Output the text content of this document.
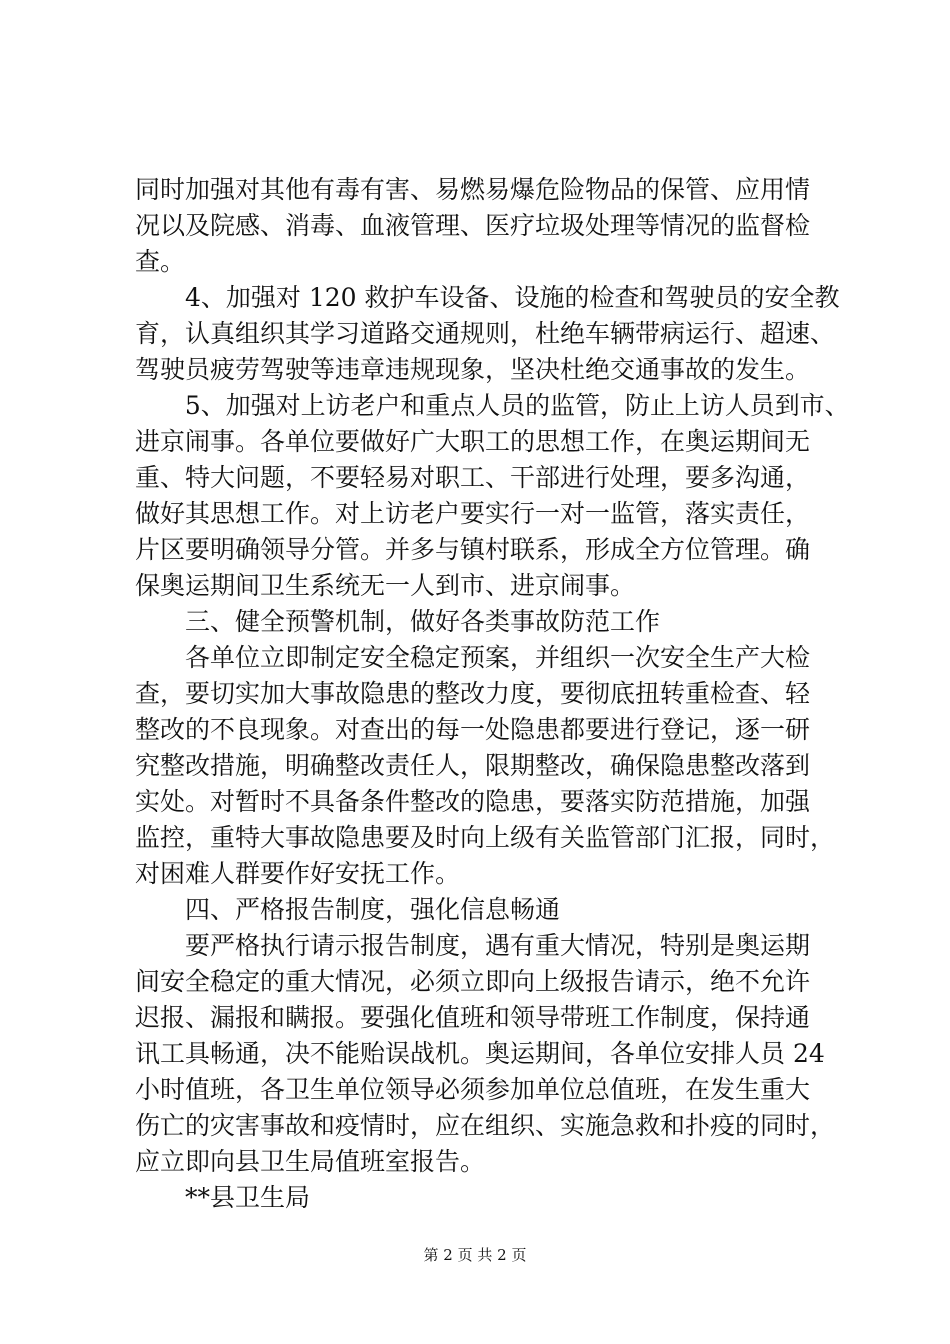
同时加强对其他有毒有害、易燃易爆危险物品的保管、应用情
况以及院感、消毒、血液管理、医疗垃圾处理等情况的监督检
查。
　　4、加强对 120 救护车设备、设施的检查和驾驶员的安全教
育，认真组织其学习道路交通规则，杜绝车辆带病运行、超速、
驾驶员疲劳驾驶等违章违规现象，坚决杜绝交通事故的发生。
　　5、加强对上访老户和重点人员的监管，防止上访人员到市、
进京闹事。各单位要做好广大职工的思想工作，在奥运期间无
重、特大问题，不要轻易对职工、干部进行处理，要多沟通，
做好其思想工作。对上访老户要实行一对一监管，落实责任，
片区要明确领导分管。并多与镇村联系，形成全方位管理。确
保奥运期间卫生系统无一人到市、进京闹事。
　　三、健全预警机制，做好各类事故防范工作
　　各单位立即制定安全稳定预案，并组织一次安全生产大检
查，要切实加大事故隐患的整改力度，要彻底扭转重检查、轻
整改的不良现象。对查出的每一处隐患都要进行登记，逐一研
究整改措施，明确整改责任人，限期整改，确保隐患整改落到
实处。对暂时不具备条件整改的隐患，要落实防范措施，加强
监控，重特大事故隐患要及时向上级有关监管部门汇报，同时，
对困难人群要作好安抚工作。
　　四、严格报告制度，强化信息畅通
　　要严格执行请示报告制度，遇有重大情况，特别是奥运期
间安全稳定的重大情况，必须立即向上级报告请示，绝不允许
迟报、漏报和瞒报。要强化值班和领导带班工作制度，保持通
讯工具畅通，决不能贻误战机。奥运期间，各单位安排人员 24
小时值班，各卫生单位领导必须参加单位总值班，在发生重大
伤亡的灾害事故和疫情时，应在组织、实施急救和扑疫的同时，
应立即向县卫生局值班室报告。
　　**县卫生局
第 2 页 共 2 页
